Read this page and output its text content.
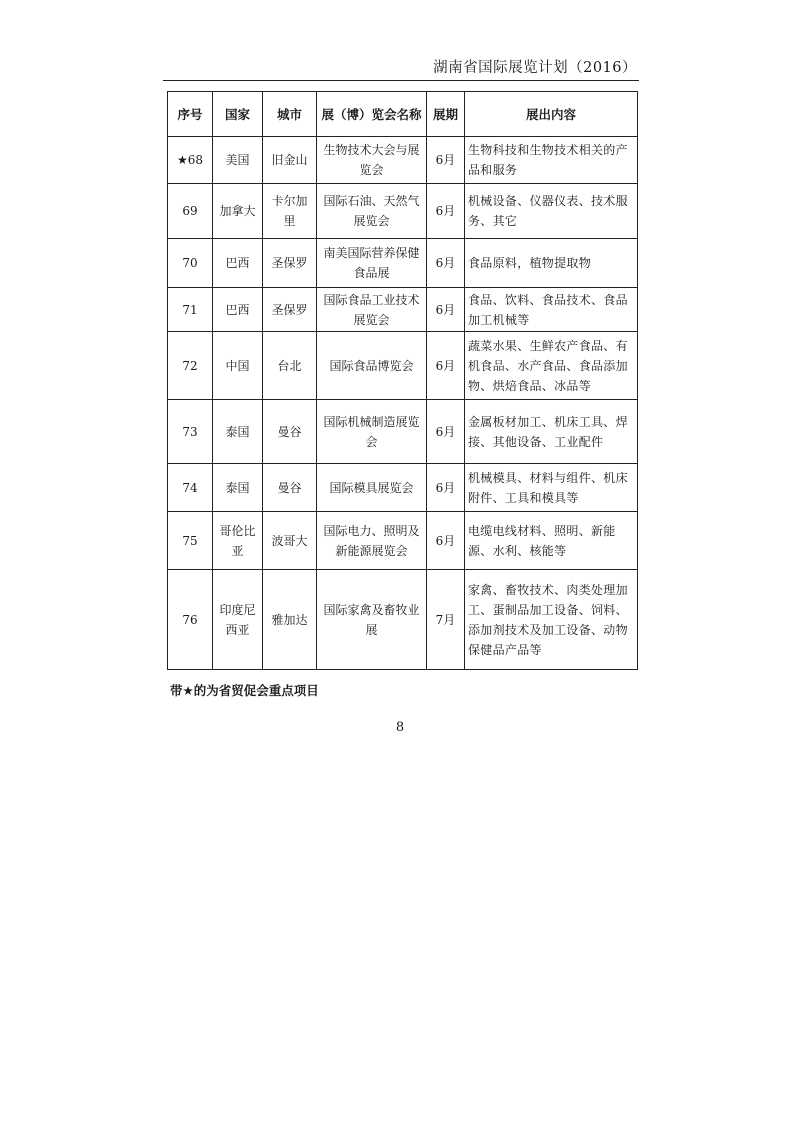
湖南省国际展览计划（2016）
序号	国家	城市	展（博）览会名称	展期	展出内容
★68	美国	旧金山	生物技术大会与展览会	6月	生物科技和生物技术相关的产品和服务
69	加拿大	卡尔加里	国际石油、天然气展览会	6月	机械设备、仪器仪表、技术服务、其它
70	巴西	圣保罗	南美国际营养保健食品展	6月	食品原料，植物提取物
71	巴西	圣保罗	国际食品工业技术展览会	6月	食品、饮料、食品技术、食品加工机械等
72	中国	台北	国际食品博览会	6月	蔬菜水果、生鲜农产食品、有机食品、水产食品、食品添加物、烘焙食品、冰品等
73	泰国	曼谷	国际机械制造展览会	6月	金属板材加工、机床工具、焊接、其他设备、工业配件
74	泰国	曼谷	国际模具展览会	6月	机械模具、材料与组件、机床附件、工具和模具等
75	哥伦比亚	波哥大	国际电力、照明及新能源展览会	6月	电缆电线材料、照明、新能源、水利、核能等
76	印度尼西亚	雅加达	国际家禽及畜牧业展	7月	家禽、畜牧技术、肉类处理加工、蛋制品加工设备、饲料、添加剂技术及加工设备、动物保健品产品等
带★的为省贸促会重点项目
8
